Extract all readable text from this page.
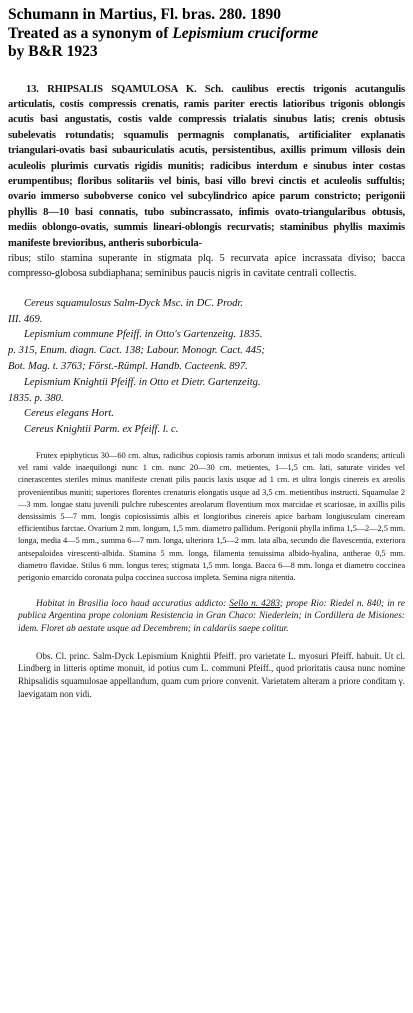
Schumann in Martius, Fl. bras. 280. 1890
Treated as a synonym of Lepismium cruciforme
by B&R 1923

13. RHIPSALIS SQAMULOSA K. Sch. caulibus erectis trigonis acutangulis articulatis, costis compressis crenatis, ramis pariter erectis latioribus trigonis oblongis acutis basi angustatis, costis valde compressis trialatis sinubus latis; crenis obtusis subelevatis rotundatis; squamulis permagnis complanatis, artificialiter explanatis triangulari-ovatis basi subauriculatis acutis, persistentibus, axillis primum villosis dein aculeolis plurimis curvatis rigidis munitis; radicibus interdum e sinubus inter costas erumpentibus; floribus solitariis vel binis, basi villo brevi cinctis et aculeolis suffultis; ovario immerso subobverse conico vel subcylindrico apice parum constricto; perigonii phyllis 8—10 basi connatis, tubo subincrassato, infimis ovato-triangularibus obtusis, mediis oblongo-ovatis, summis lineari-oblongis recurvatis; staminibus phyllis maximis manifeste brevioribus, antheris suborbicula-

ribus; stilo stamina superante in stigmata plq. 5 recurvata apice incrassata diviso; bacca compresso-globosa subdiaphana; seminibus paucis nigris in cavitate centrali collectis.

Cereus squamulosus Salm-Dyck Msc. in DC. Prodr.
III. 469.
Lepismium commune Pfeiff. in Otto's Gartenzeitg. 1835.
p. 315, Enum. diagn. Cact. 138; Labour. Monogr. Cact. 445;
Bot. Mag. t. 3763; Först.-Rümpl. Handb. Cacteenk. 897.
Lepismium Knightii Pfeiff. in Otto et Dietr. Gartenzeitg.
1835. p. 380.
Cereus elegans Hort.
Cereus Knightii Parm. ex Pfeiff. l. c.

Frutex epiphyticus 30—60 cm. altus, radicibus copiosis ramis arborum innixus et tali modo scandens; articuli vel rami valde inaequilongi nunc 1 cm. nunc 20—30 cm. metientes, 1—1,5 cm. lati, saturate virides vel cinerascentes steriles minus manifeste crenati pilis paucis laxis usque ad 1 cm. et ultra longis cinereis ex areolis provenientibus muniti; superiores florentes crenaturis elongatis usque ad 3,5 cm. metientibus instructi. Squamulae 2—3 mm. longae statu juvenili pulchre rubescentes areolarum floventium mox marcidae et scariosae, in axillis pilis densissimis 5—7 mm. longis copiosissimis albis et longioribus cinereis apice barbam longiusculam cineream efficientibus farctae. Ovarium 2 mm. longum, 1,5 mm. diametro pallidum. Perigonii phylla infima 1,5—2—2,5 mm. longa, media 4—5 mm., summa 6—7 mm. longa, ulteriora 1,5—2 mm. lata alba, secundo die flavescentia, exteriora antsepaloidea virescenti-albida. Stamina 5 mm. longa, filamenta tenuissima albido-hyalina, antherae 0,5 mm. diametro flavidae. Stilus 6 mm. longus teres; stigmata 1,5 mm. longa. Bacca 6—8 mm. longa et diametro coccinea perigonio emarcido coronata pulpa coccinea succosa impleta. Semina nigra nitentia.

Habitat in Brasilia loco haud accuratius addicto: Sello n. 4283; prope Rio: Riedel n. 840; in re publica Argentina prope coloniam Resistencia in Gran Chaco: Niederlein; in Cordillera de Misiones: idem. Floret ab aestate usque ad Decembrem; in caldariis saepe colitur.

Obs. Cl. princ. Salm-Dyck Lepismium Knightii Pfeiff. pro varietate L. myosuri Pfeiff. habuit. Ut cl. Lindberg in litteris optime monuit, id potius cum L. communi Pfeiff., quod prioritatis causa nunc nomine Rhipsalidis squamulosae appellandum, quam cum priore convenit. Varietatem alteram a priore conditam γ. laevigatam non vidi.
